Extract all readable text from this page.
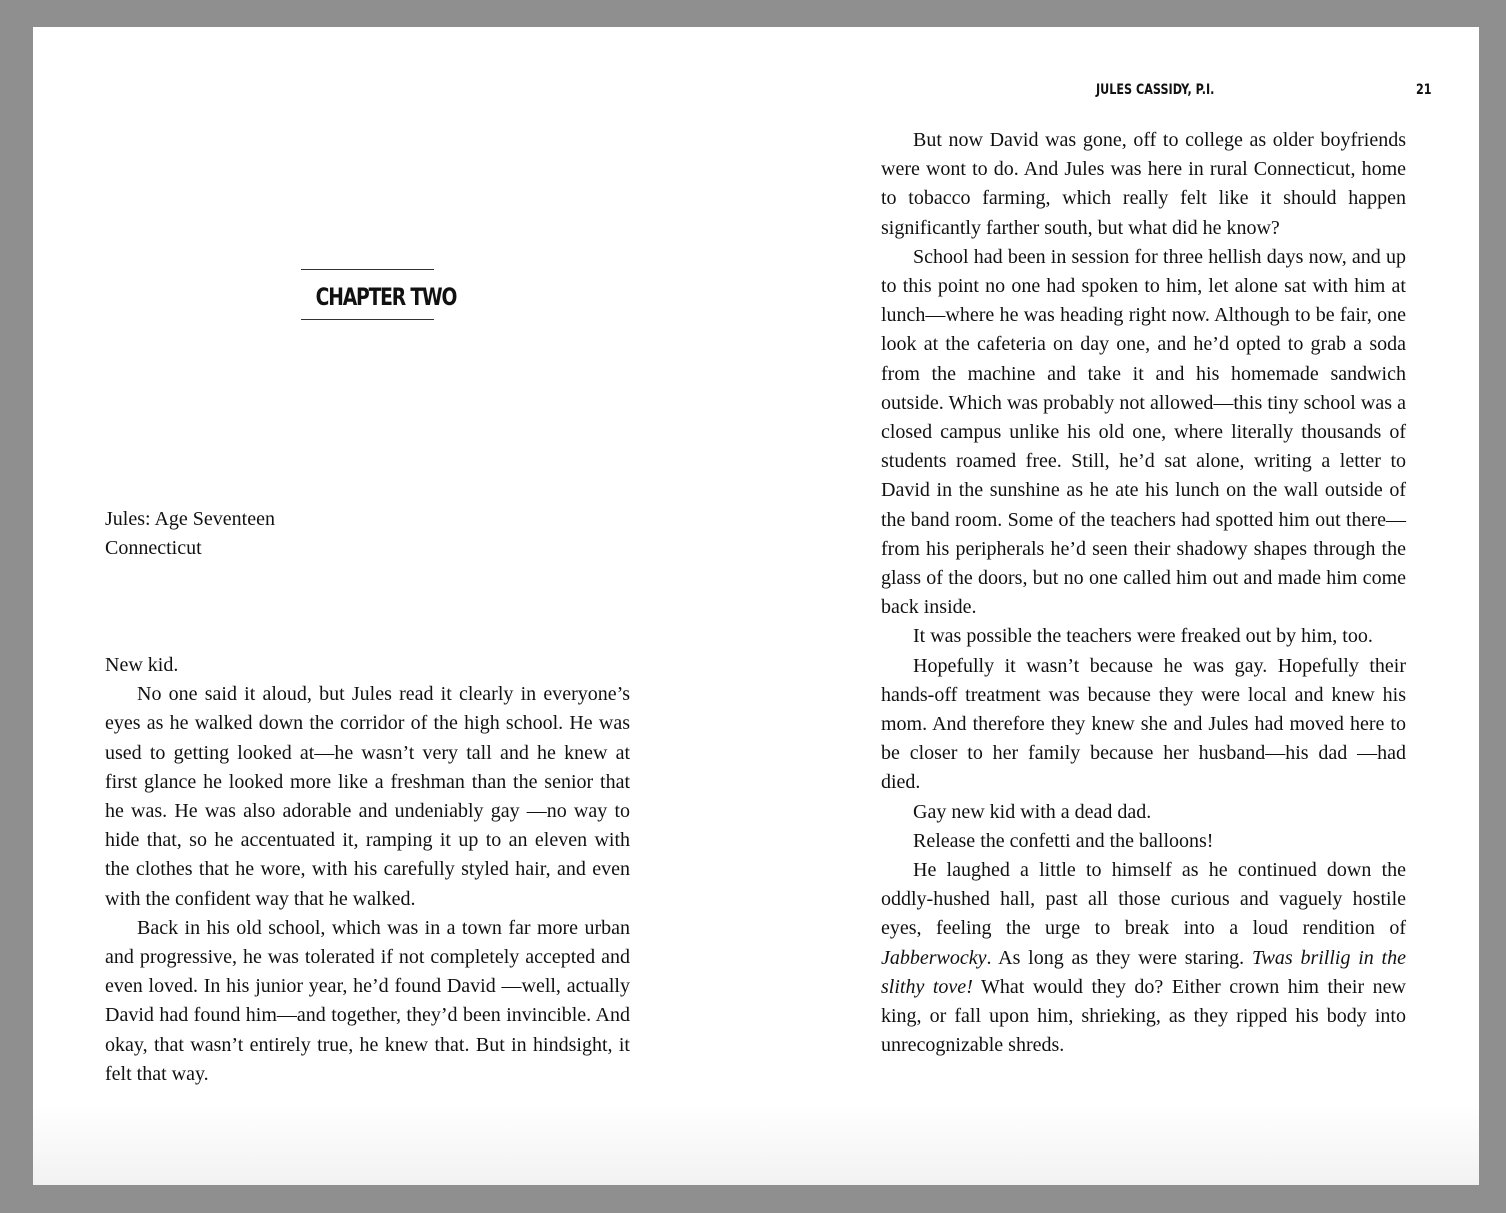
CHAPTER TWO
Jules: Age Seventeen
Connecticut

New kid.

No one said it aloud, but Jules read it clearly in everyone’s eyes as he walked down the corridor of the high school. He was used to getting looked at—he wasn’t very tall and he knew at first glance he looked more like a freshman than the senior that he was. He was also adorable and undeniably gay —no way to hide that, so he accentuated it, ramping it up to an eleven with the clothes that he wore, with his carefully styled hair, and even with the confident way that he walked.

Back in his old school, which was in a town far more urban and progressive, he was tolerated if not completely accepted and even loved. In his junior year, he’d found David —well, actually David had found him—and together, they’d been invincible. And okay, that wasn’t entirely true, he knew that. But in hindsight, it felt that way.

JULES CASSIDY, P.I.	21

But now David was gone, off to college as older boyfriends were wont to do. And Jules was here in rural Connecticut, home to tobacco farming, which really felt like it should happen significantly farther south, but what did he know?

School had been in session for three hellish days now, and up to this point no one had spoken to him, let alone sat with him at lunch—where he was heading right now. Although to be fair, one look at the cafeteria on day one, and he’d opted to grab a soda from the machine and take it and his homemade sandwich outside. Which was probably not allowed—this tiny school was a closed campus unlike his old one, where literally thousands of students roamed free. Still, he’d sat alone, writing a letter to David in the sunshine as he ate his lunch on the wall outside of the band room. Some of the teachers had spotted him out there—from his peripherals he’d seen their shadowy shapes through the glass of the doors, but no one called him out and made him come back inside.

It was possible the teachers were freaked out by him, too.

Hopefully it wasn’t because he was gay. Hopefully their hands-off treatment was because they were local and knew his mom. And therefore they knew she and Jules had moved here to be closer to her family because her husband—his dad —had died.

Gay new kid with a dead dad.

Release the confetti and the balloons!

He laughed a little to himself as he continued down the oddly-hushed hall, past all those curious and vaguely hostile eyes, feeling the urge to break into a loud rendition of Jabberwocky. As long as they were staring. Twas brillig in the slithy tove! What would they do? Either crown him their new king, or fall upon him, shrieking, as they ripped his body into unrecognizable shreds.
